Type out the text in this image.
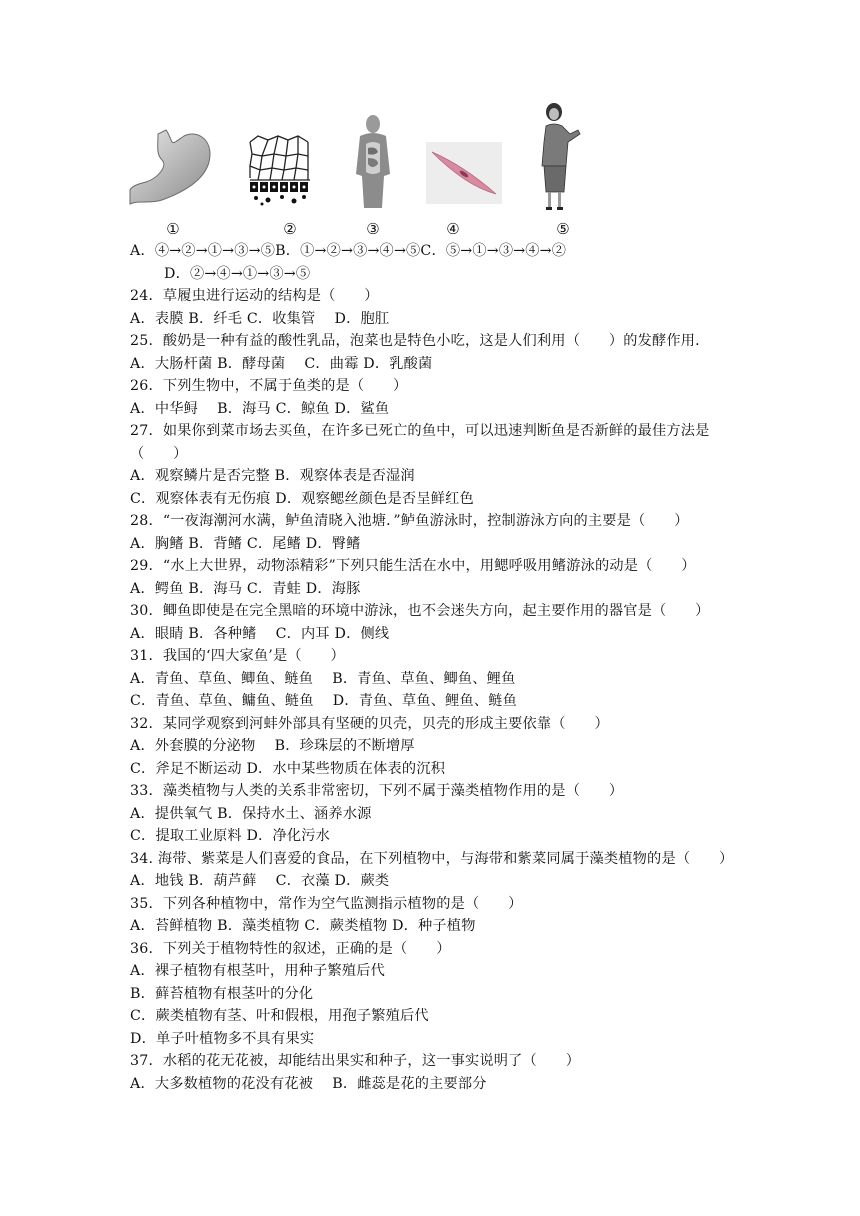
①	②	③	④	⑤
A．④→②→①→③→⑤B．①→②→③→④→⑤C．⑤→①→③→④→②
D．②→④→①→③→⑤
24．草履虫进行运动的结构是（　　）
A．表膜 B．纤毛 C．收集管　 D．胞肛
25．酸奶是一种有益的酸性乳品，泡菜也是特色小吃，这是人们利用（　　）的发酵作用．
A．大肠杆菌 B．酵母菌　 C．曲霉 D．乳酸菌
26．下列生物中，不属于鱼类的是（　　）
A．中华鲟　 B．海马 C．鲸鱼 D．鲨鱼
27．如果你到菜市场去买鱼，在许多已死亡的鱼中，可以迅速判断鱼是否新鲜的最佳方法是
（　　）
A．观察鳞片是否完整 B．观察体表是否湿润
C．观察体表有无伤痕 D．观察鳃丝颜色是否呈鲜红色
28．“一夜海潮河水满，鲈鱼清晓入池塘．”鲈鱼游泳时，控制游泳方向的主要是（　　）
A．胸鳍 B．背鳍 C．尾鳍 D．臀鳍
29．“水上大世界，动物添精彩”下列只能生活在水中，用鳃呼吸用鳍游泳的动是（　　）
A．鳄鱼 B．海马 C．青蛙 D．海豚
30．鲫鱼即使是在完全黑暗的环境中游泳，也不会迷失方向，起主要作用的器官是（　　）
A．眼睛 B．各种鳍　 C．内耳 D．侧线
31．我国的‘四大家鱼’是（　　）
A．青鱼、草鱼、鲫鱼、鲢鱼　 B．青鱼、草鱼、鲫鱼、鲤鱼
C．青鱼、草鱼、鳙鱼、鲢鱼　 D．青鱼、草鱼、鲤鱼、鲢鱼
32．某同学观察到河蚌外部具有坚硬的贝壳，贝壳的形成主要依靠（　　）
A．外套膜的分泌物　 B．珍珠层的不断增厚
C．斧足不断运动 D．水中某些物质在体表的沉积
33．藻类植物与人类的关系非常密切，下列不属于藻类植物作用的是（　　）
A．提供氧气 B．保持水土、涵养水源
C．提取工业原料 D．净化污水
34. 海带、紫菜是人们喜爱的食品，在下列植物中，与海带和紫菜同属于藻类植物的是（　　）
A．地钱 B．葫芦藓　 C．衣藻 D．蕨类
35．下列各种植物中，常作为空气监测指示植物的是（　　）
A．苔鲜植物 B．藻类植物 C．蕨类植物 D．种子植物
36．下列关于植物特性的叙述，正确的是（　　）
A．裸子植物有根茎叶，用种子繁殖后代
B．藓苔植物有根茎叶的分化
C．蕨类植物有茎、叶和假根，用孢子繁殖后代
D．单子叶植物多不具有果实
37．水稻的花无花被，却能结出果实和种子，这一事实说明了（　　）
A．大多数植物的花没有花被　 B．雌蕊是花的主要部分
